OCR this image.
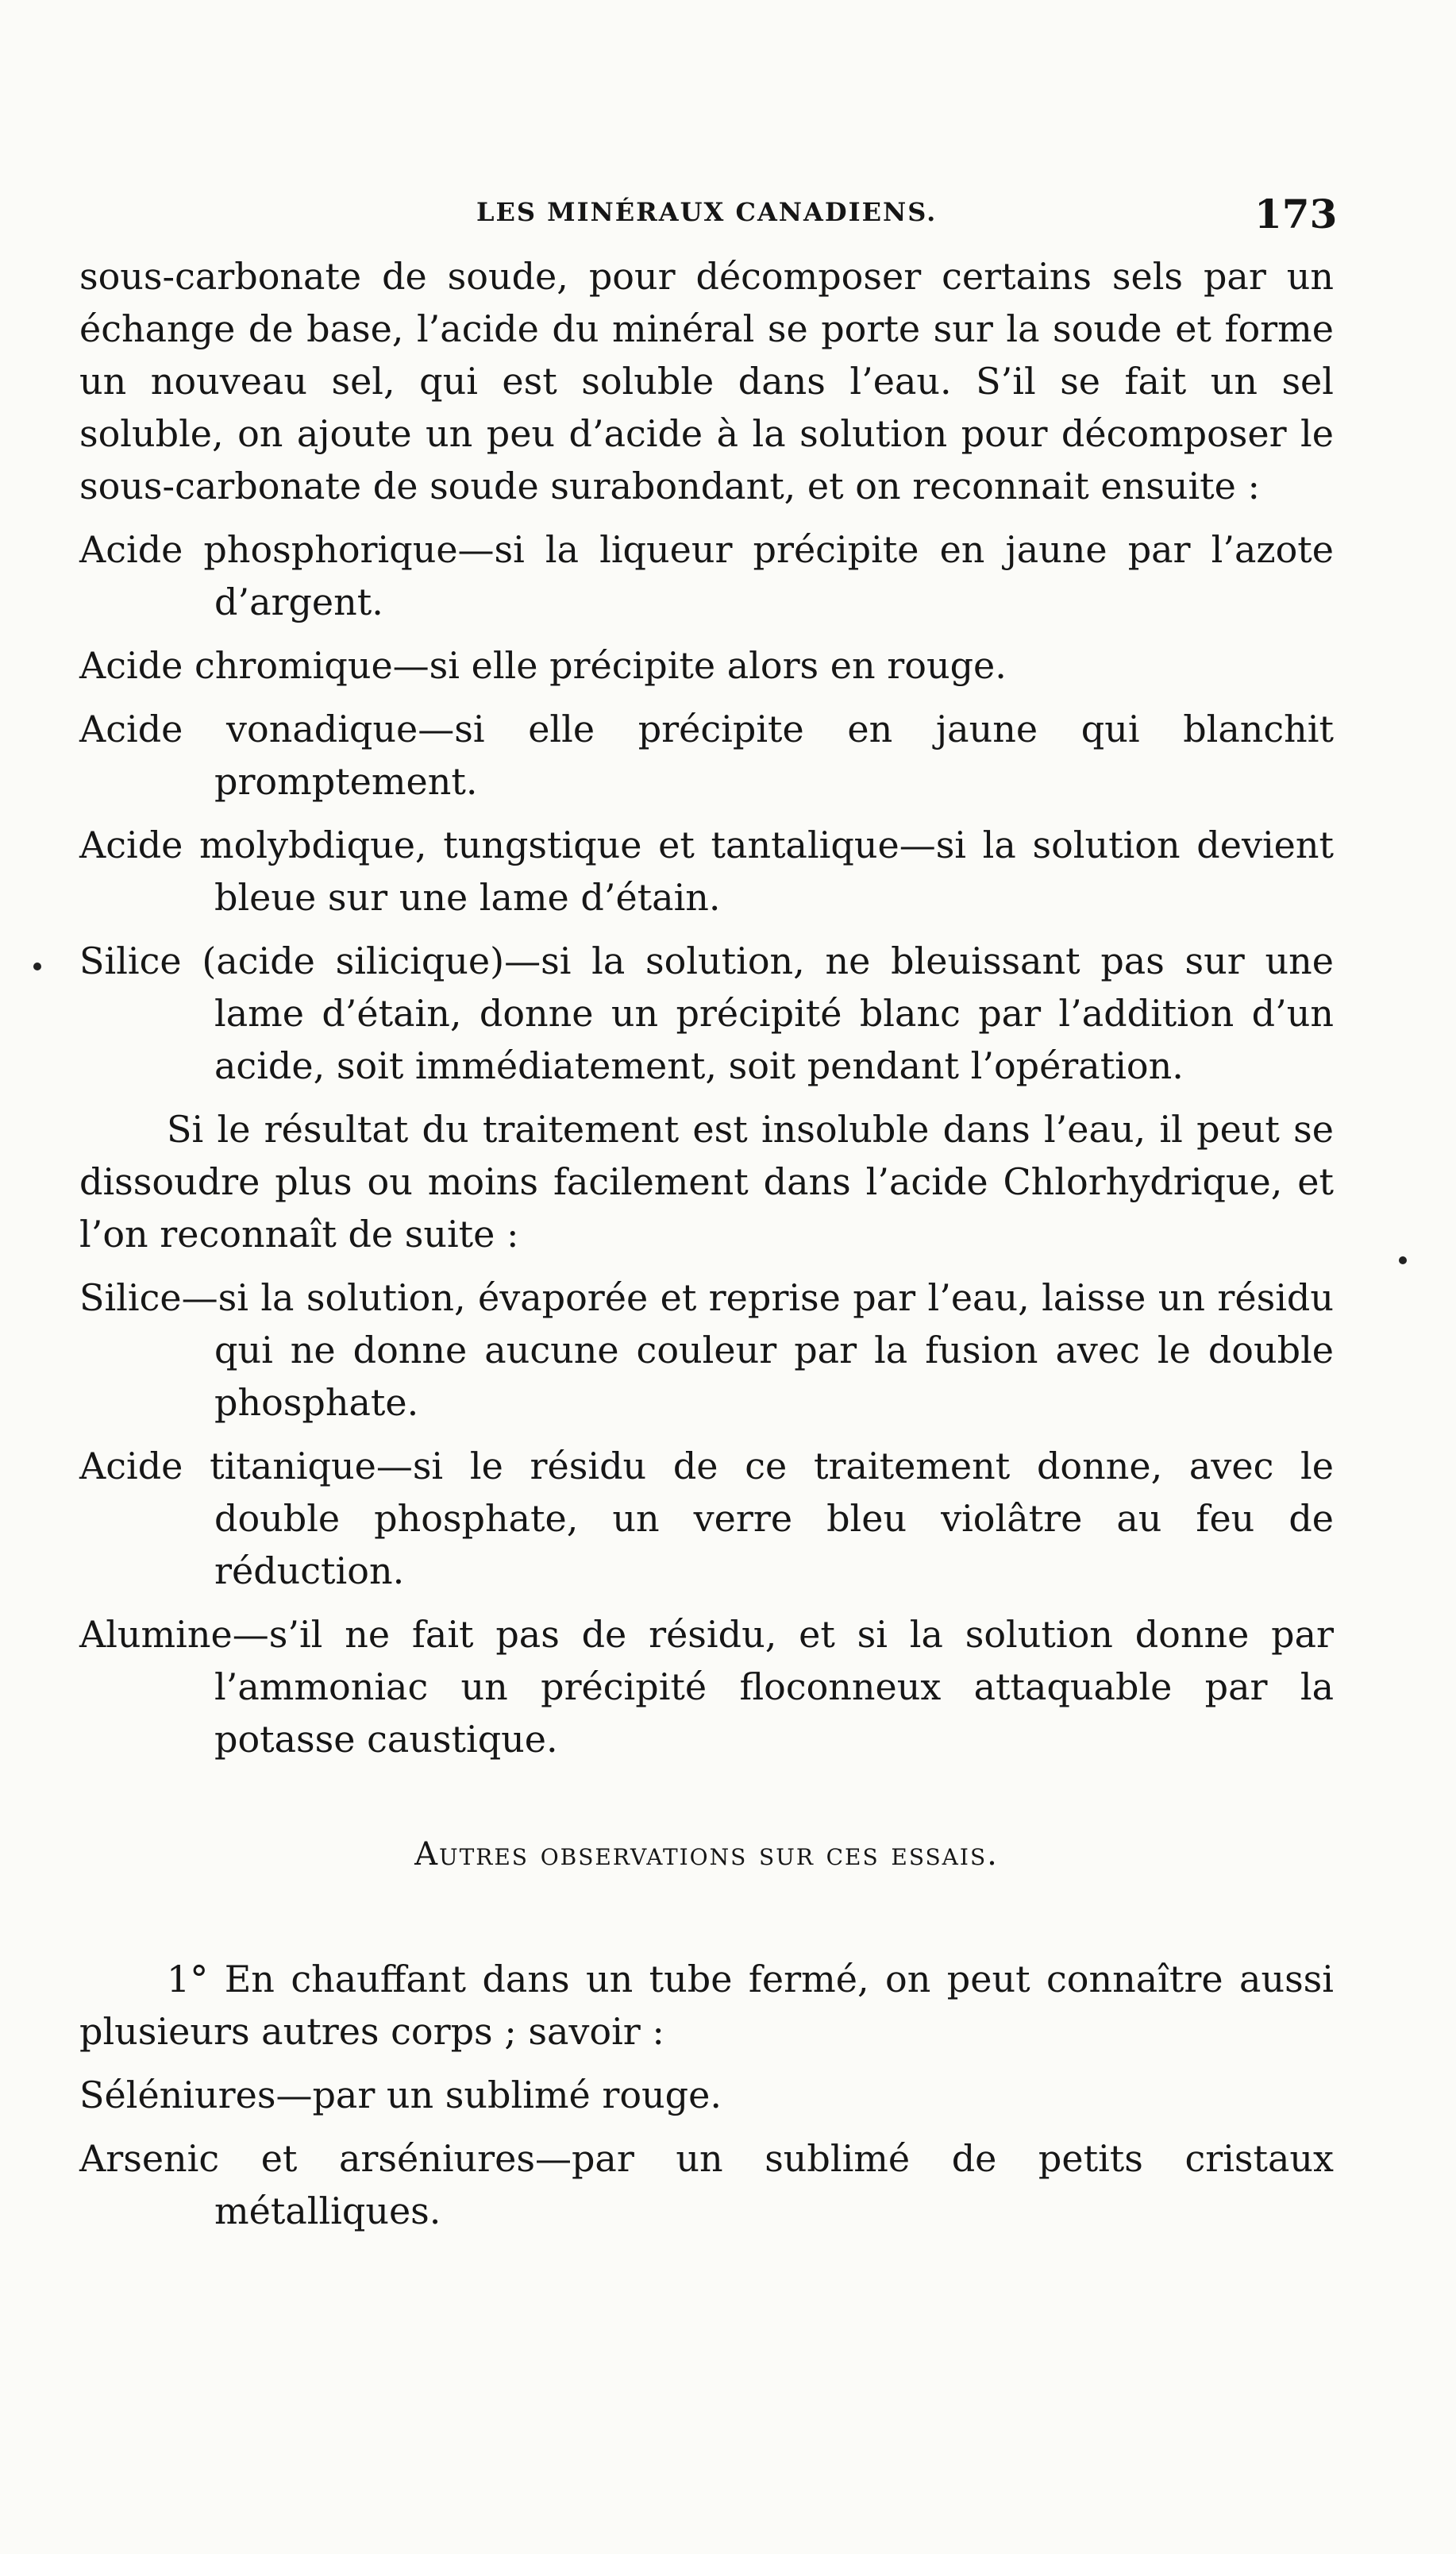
LES MINÉRAUX CANADIENS.	173

sous-carbonate de soude, pour décomposer certains sels par un échange de base, l’acide du minéral se porte sur la soude et forme un nouveau sel, qui est soluble dans l’eau. S’il se fait un sel soluble, on ajoute un peu d’acide à la solution pour décomposer le sous-carbonate de soude surabondant, et on reconnait ensuite :

Acide phosphorique—si la liqueur précipite en jaune par l’azote d’argent.

Acide chromique—si elle précipite alors en rouge.

Acide vonadique—si elle précipite en jaune qui blanchit promptement.

Acide molybdique, tungstique et tantalique—si la solution devient bleue sur une lame d’étain.

Silice (acide silicique)—si la solution, ne bleuissant pas sur une lame d’étain, donne un précipité blanc par l’addition d’un acide, soit immédiatement, soit pendant l’opération.

Si le résultat du traitement est insoluble dans l’eau, il peut se dissoudre plus ou moins facilement dans l’acide Chlorhydrique, et l’on reconnaît de suite :

Silice—si la solution, évaporée et reprise par l’eau, laisse un résidu qui ne donne aucune couleur par la fusion avec le double phosphate.

Acide titanique—si le résidu de ce traitement donne, avec le double phosphate, un verre bleu violâtre au feu de réduction.

Alumine—s’il ne fait pas de résidu, et si la solution donne par l’ammoniac un précipité floconneux attaquable par la potasse caustique.

Autres observations sur ces essais.

1° En chauffant dans un tube fermé, on peut connaître aussi plusieurs autres corps ; savoir :

Séléniures—par un sublimé rouge.

Arsenic et arséniures—par un sublimé de petits cristaux métalliques.
